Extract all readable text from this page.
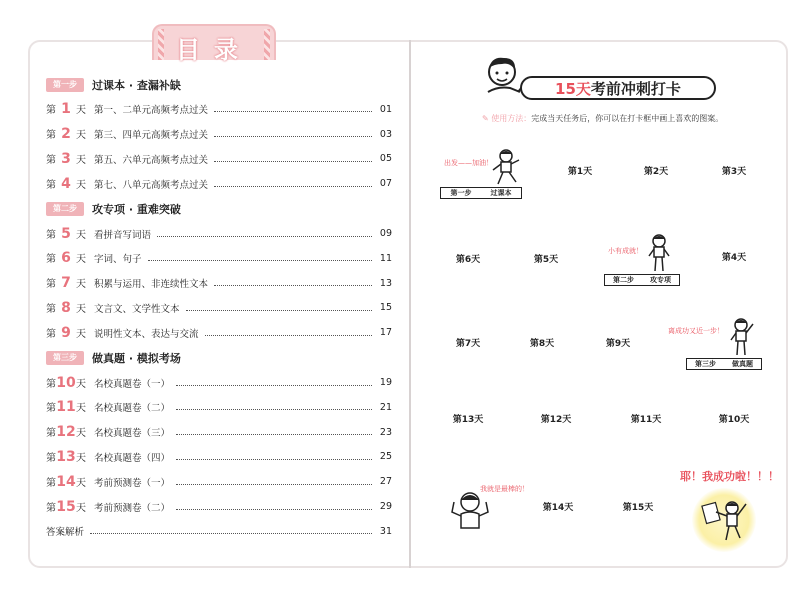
目录
第一步	过课本 · 查漏补缺
第 1 天 第一、二单元高频考点过关	01
第 2 天 第三、四单元高频考点过关	03
第 3 天 第五、六单元高频考点过关	05
第 4 天 第七、八单元高频考点过关	07
第二步	攻专项 · 重难突破
第 5 天 看拼音写词语	09
第 6 天 字词、句子	11
第 7 天 积累与运用、非连续性文本	13
第 8 天 文言文、文学性文本	15
第 9 天 说明性文本、表达与交流	17
第三步	做真题 · 模拟考场
第 10 天 名校真题卷（一）	19
第 11 天 名校真题卷（二）	21
第 12 天 名校真题卷（三）	23
第 13 天 名校真题卷（四）	25
第 14 天 考前预测卷（一）	27
第 15 天 考前预测卷（二）	29
答案解析	31
15天 考前冲刺打卡
✎ 使用方法：完成当天任务后，你可以在打卡框中画上喜欢的图案。
出发——加油！
第一步	过课本
第1天	第2天	第3天
第6天	第5天
小有成就！
第二步 攻专项
第4天
第7天	第8天	第9天
离成功又近一步！
第三步 做真题
第13天	第12天	第11天	第10天
我就是最棒的！
第14天	第15天
耶！我成功啦！！！
